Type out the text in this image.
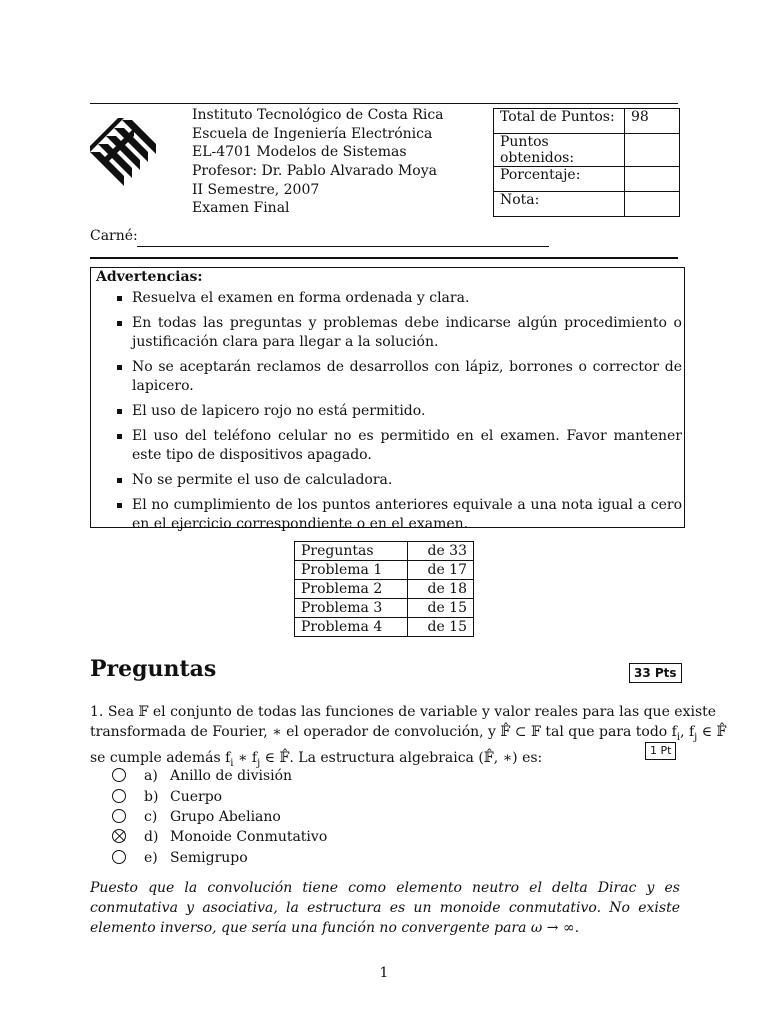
Instituto Tecnológico de Costa Rica
Escuela de Ingeniería Electrónica
EL-4701 Modelos de Sistemas
Profesor: Dr. Pablo Alvarado Moya
II Semestre, 2007
Examen Final
Total de Puntos:	98
Puntos obtenidos:	
Porcentaje:	
Nota:	
Carné:
Advertencias:
Resuelva el examen en forma ordenada y clara.
En todas las preguntas y problemas debe indicarse algún procedimiento o justificación clara para llegar a la solución.
No se aceptarán reclamos de desarrollos con lápiz, borrones o corrector de lapicero.
El uso de lapicero rojo no está permitido.
El uso del teléfono celular no es permitido en el examen. Favor mantener este tipo de dispositivos apagado.
No se permite el uso de calculadora.
El no cumplimiento de los puntos anteriores equivale a una nota igual a cero en el ejercicio correspondiente o en el examen.
Preguntas	de 33
Problema 1	de 17
Problema 2	de 18
Problema 3	de 15
Problema 4	de 15
Preguntas	33 Pts
1. Sea 𝔽 el conjunto de todas las funciones de variable y valor reales para las que existe
transformada de Fourier, ∗ el operador de convolución, y 𝔽̂ ⊂ 𝔽 tal que para todo $f_i$, $f_j$ ∈ 𝔽̂
se cumple además $f_i$ ∗ $f_j$ ∈ 𝔽̂. La estructura algebraica (𝔽̂, ∗) es:	1 Pt
a) Anillo de división
b) Cuerpo
c) Grupo Abeliano
d) Monoide Conmutativo
e) Semigrupo
Puesto que la convolución tiene como elemento neutro el delta Dirac y es conmutativa y asociativa, la estructura es un monoide conmutativo. No existe elemento inverso, que sería una función no convergente para ω → ∞.
1
